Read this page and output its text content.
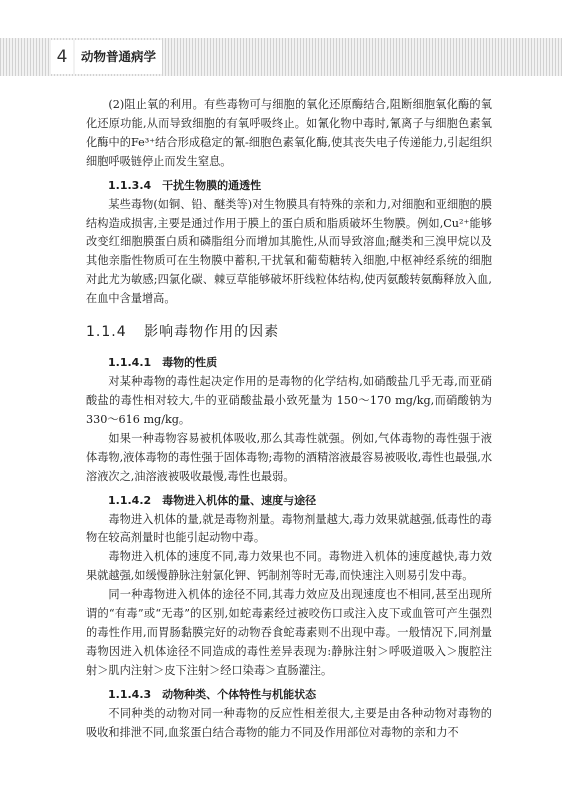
4	动物普通病学

(2)阻止氧的利用。有些毒物可与细胞的氧化还原酶结合,阻断细胞氧化酶的氧化还原功能,从而导致细胞的有氧呼吸终止。如氰化物中毒时,氰离子与细胞色素氧化酶中的Fe³⁺结合形成稳定的氰-细胞色素氧化酶,使其丧失电子传递能力,引起组织细胞呼吸链停止而发生窒息。

1.1.3.4　干扰生物膜的通透性

某些毒物(如铜、铅、醚类等)对生物膜具有特殊的亲和力,对细胞和亚细胞的膜结构造成损害,主要是通过作用于膜上的蛋白质和脂质破坏生物膜。例如,Cu²⁺能够改变红细胞膜蛋白质和磷脂组分而增加其脆性,从而导致溶血;醚类和三溴甲烷以及其他亲脂性物质可在生物膜中蓄积,干扰氧和葡萄糖转入细胞,中枢神经系统的细胞对此尤为敏感;四氯化碳、棘豆草能够破坏肝线粒体结构,使丙氨酸转氨酶释放入血,在血中含量增高。

1.1.4 影响毒物作用的因素
1.1.4.1　毒物的性质

对某种毒物的毒性起决定作用的是毒物的化学结构,如硝酸盐几乎无毒,而亚硝酸盐的毒性相对较大,牛的亚硝酸盐最小致死量为 150～170 mg/kg,而硝酸钠为 330～616 mg/kg。

如果一种毒物容易被机体吸收,那么其毒性就强。例如,气体毒物的毒性强于液体毒物,液体毒物的毒性强于固体毒物;毒物的酒精溶液最容易被吸收,毒性也最强,水溶液次之,油溶液被吸收最慢,毒性也最弱。

1.1.4.2　毒物进入机体的量、速度与途径

毒物进入机体的量,就是毒物剂量。毒物剂量越大,毒力效果就越强,低毒性的毒物在较高剂量时也能引起动物中毒。

毒物进入机体的速度不同,毒力效果也不同。毒物进入机体的速度越快,毒力效果就越强,如缓慢静脉注射氯化钾、钙制剂等时无毒,而快速注入则易引发中毒。

同一种毒物进入机体的途径不同,其毒力效应及出现速度也不相同,甚至出现所谓的“有毒”或“无毒”的区别,如蛇毒素经过被咬伤口或注入皮下或血管可产生强烈的毒性作用,而胃肠黏膜完好的动物吞食蛇毒素则不出现中毒。一般情况下,同剂量毒物因进入机体途径不同造成的毒性差异表现为:静脉注射＞呼吸道吸入＞腹腔注射＞肌内注射＞皮下注射＞经口染毒＞直肠灌注。

1.1.4.3　动物种类、个体特性与机能状态

不同种类的动物对同一种毒物的反应性相差很大,主要是由各种动物对毒物的吸收和排泄不同,血浆蛋白结合毒物的能力不同及作用部位对毒物的亲和力不
